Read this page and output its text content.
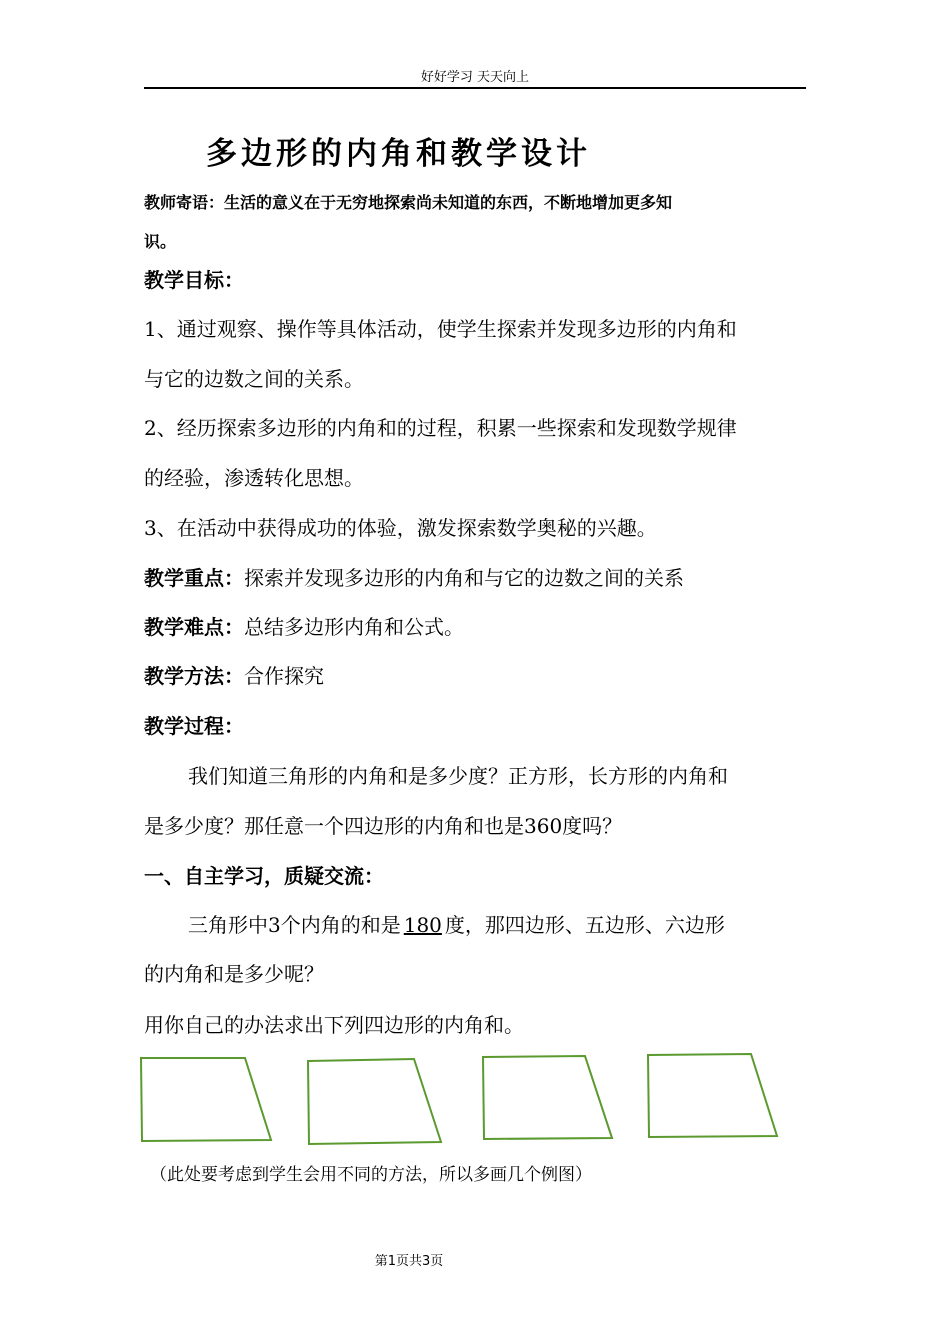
好好学习 天天向上
多边形的内角和教学设计
教师寄语：生活的意义在于无穷地探索尚未知道的东西，不断地增加更多知
识。
教学目标：
1、通过观察、操作等具体活动，使学生探索并发现多边形的内角和
与它的边数之间的关系。
2、经历探索多边形的内角和的过程，积累一些探索和发现数学规律
的经验，渗透转化思想。
3、在活动中获得成功的体验，激发探索数学奥秘的兴趣。
教学重点：探索并发现多边形的内角和与它的边数之间的关系
教学难点：总结多边形内角和公式。
教学方法：合作探究
教学过程：
我们知道三角形的内角和是多少度？正方形，长方形的内角和
是多少度？那任意一个四边形的内角和也是360度吗？
一、自主学习，质疑交流：
三角形中3个内角的和是 180 度，那四边形、五边形、六边形
的内角和是多少呢？
用你自己的办法求出下列四边形的内角和。
（此处要考虑到学生会用不同的方法，所以多画几个例图）
第1页共3页
